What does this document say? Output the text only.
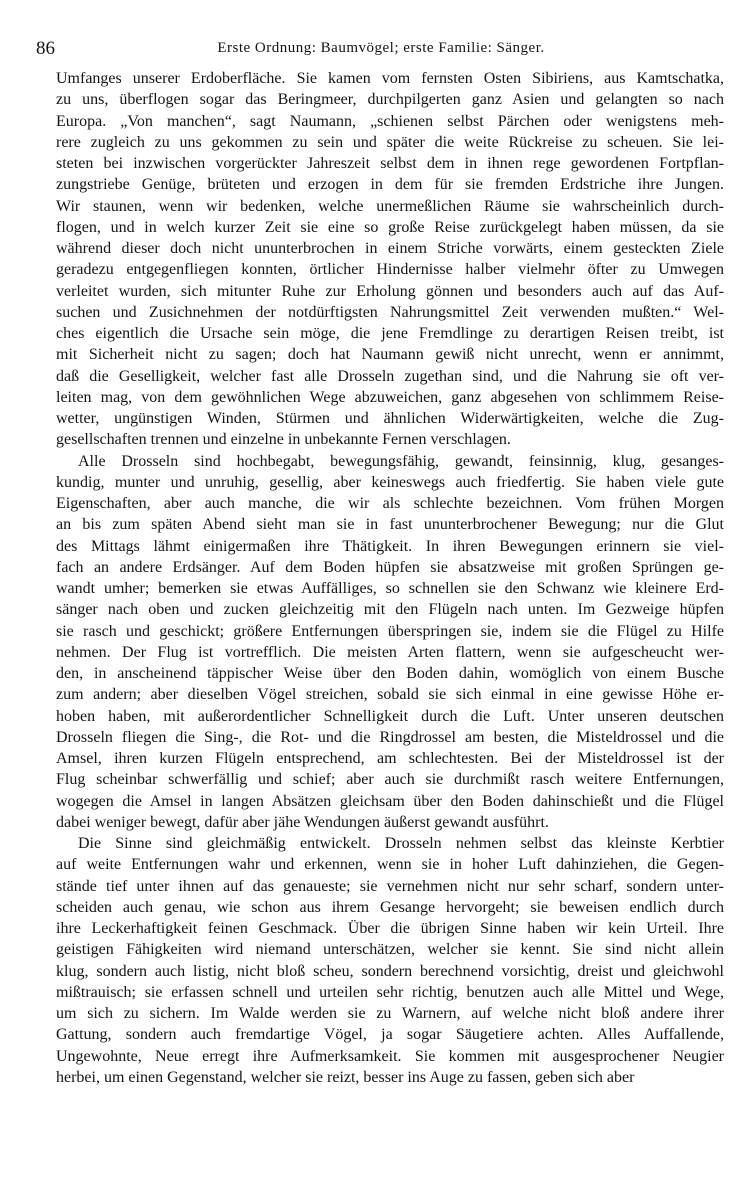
86	Erste Ordnung: Baumvögel; erste Familie: Sänger.
Umfanges unserer Erdoberfläche. Sie kamen vom fernsten Osten Sibiriens, aus Kamtschatka,
zu uns, überflogen sogar das Beringmeer, durchpilgerten ganz Asien und gelangten so nach
Europa. „Von manchen“, sagt Naumann, „schienen selbst Pärchen oder wenigstens meh-
rere zugleich zu uns gekommen zu sein und später die weite Rückreise zu scheuen. Sie lei-
steten bei inzwischen vorgerückter Jahreszeit selbst dem in ihnen rege gewordenen Fortpflan-
zungstriebe Genüge, brüteten und erzogen in dem für sie fremden Erdstriche ihre Jungen.
Wir staunen, wenn wir bedenken, welche unermeßlichen Räume sie wahrscheinlich durch-
flogen, und in welch kurzer Zeit sie eine so große Reise zurückgelegt haben müssen, da sie
während dieser doch nicht ununterbrochen in einem Striche vorwärts, einem gesteckten Ziele
geradezu entgegenfliegen konnten, örtlicher Hindernisse halber vielmehr öfter zu Umwegen
verleitet wurden, sich mitunter Ruhe zur Erholung gönnen und besonders auch auf das Auf-
suchen und Zusichnehmen der notdürftigsten Nahrungsmittel Zeit verwenden mußten.“ Wel-
ches eigentlich die Ursache sein möge, die jene Fremdlinge zu derartigen Reisen treibt, ist
mit Sicherheit nicht zu sagen; doch hat Naumann gewiß nicht unrecht, wenn er annimmt,
daß die Geselligkeit, welcher fast alle Drosseln zugethan sind, und die Nahrung sie oft ver-
leiten mag, von dem gewöhnlichen Wege abzuweichen, ganz abgesehen von schlimmem Reise-
wetter, ungünstigen Winden, Stürmen und ähnlichen Widerwärtigkeiten, welche die Zug-
gesellschaften trennen und einzelne in unbekannte Fernen verschlagen.
Alle Drosseln sind hochbegabt, bewegungsfähig, gewandt, feinsinnig, klug, gesanges-
kundig, munter und unruhig, gesellig, aber keineswegs auch friedfertig. Sie haben viele gute
Eigenschaften, aber auch manche, die wir als schlechte bezeichnen. Vom frühen Morgen
an bis zum späten Abend sieht man sie in fast ununterbrochener Bewegung; nur die Glut
des Mittags lähmt einigermaßen ihre Thätigkeit. In ihren Bewegungen erinnern sie viel-
fach an andere Erdsänger. Auf dem Boden hüpfen sie absatzweise mit großen Sprüngen ge-
wandt umher; bemerken sie etwas Auffälliges, so schnellen sie den Schwanz wie kleinere Erd-
sänger nach oben und zucken gleichzeitig mit den Flügeln nach unten. Im Gezweige hüpfen
sie rasch und geschickt; größere Entfernungen überspringen sie, indem sie die Flügel zu Hilfe
nehmen. Der Flug ist vortrefflich. Die meisten Arten flattern, wenn sie aufgescheucht wer-
den, in anscheinend täppischer Weise über den Boden dahin, womöglich von einem Busche
zum andern; aber dieselben Vögel streichen, sobald sie sich einmal in eine gewisse Höhe er-
hoben haben, mit außerordentlicher Schnelligkeit durch die Luft. Unter unseren deutschen
Drosseln fliegen die Sing-, die Rot- und die Ringdrossel am besten, die Misteldrossel und die
Amsel, ihren kurzen Flügeln entsprechend, am schlechtesten. Bei der Misteldrossel ist der
Flug scheinbar schwerfällig und schief; aber auch sie durchmißt rasch weitere Entfernungen,
wogegen die Amsel in langen Absätzen gleichsam über den Boden dahinschießt und die Flügel
dabei weniger bewegt, dafür aber jähe Wendungen äußerst gewandt ausführt.
Die Sinne sind gleichmäßig entwickelt. Drosseln nehmen selbst das kleinste Kerbtier
auf weite Entfernungen wahr und erkennen, wenn sie in hoher Luft dahinziehen, die Gegen-
stände tief unter ihnen auf das genaueste; sie vernehmen nicht nur sehr scharf, sondern unter-
scheiden auch genau, wie schon aus ihrem Gesange hervorgeht; sie beweisen endlich durch
ihre Leckerhaftigkeit feinen Geschmack. Über die übrigen Sinne haben wir kein Urteil. Ihre
geistigen Fähigkeiten wird niemand unterschätzen, welcher sie kennt. Sie sind nicht allein
klug, sondern auch listig, nicht bloß scheu, sondern berechnend vorsichtig, dreist und gleichwohl
mißtrauisch; sie erfassen schnell und urteilen sehr richtig, benutzen auch alle Mittel und Wege,
um sich zu sichern. Im Walde werden sie zu Warnern, auf welche nicht bloß andere ihrer
Gattung, sondern auch fremdartige Vögel, ja sogar Säugetiere achten. Alles Auffallende,
Ungewohnte, Neue erregt ihre Aufmerksamkeit. Sie kommen mit ausgesprochener Neugier
herbei, um einen Gegenstand, welcher sie reizt, besser ins Auge zu fassen, geben sich aber
